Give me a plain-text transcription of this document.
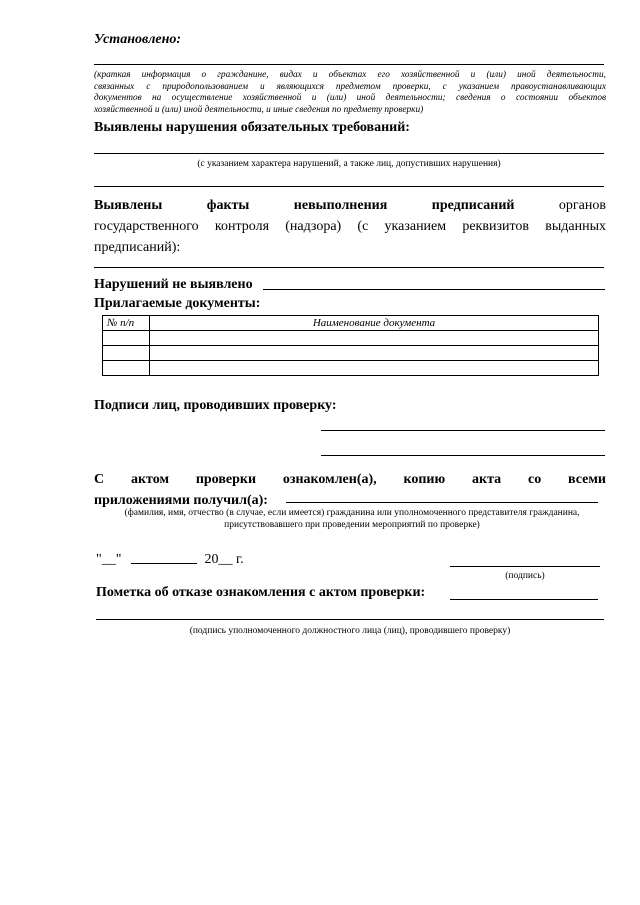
Установлено:
(краткая информация о гражданине, видах и объектах его хозяйственной и (или) иной деятельности,
связанных с природопользованием и являющихся предметом проверки, с указанием правоустанавливающих
документов на осуществление хозяйственной и (или) иной деятельности; сведения о состоянии объектов
хозяйственной и (или) иной деятельности, и иные сведения по предмету проверки)
Выявлены нарушения обязательных требований:
(с указанием характера нарушений, а также лиц, допустивших нарушения)
Выявлены	факты	невыполнения	предписаний	органов
государственного контроля (надзора) (с указанием реквизитов выданных
предписаний):
Нарушений не выявлено
Прилагаемые документы:
№ п/п	Наименование документа

Подписи лиц, проводивших проверку:
С актом проверки ознакомлен(а), копию акта со всеми
приложениями получил(а):
(фамилия, имя, отчество (в случае, если имеется) гражданина или уполномоченного представителя гражданина,
присутствовавшего при проведении мероприятий по проверке)
"__"	20__ г.
(подпись)
Пометка об отказе ознакомления с актом проверки:
(подпись уполномоченного должностного лица (лиц), проводившего проверку)
